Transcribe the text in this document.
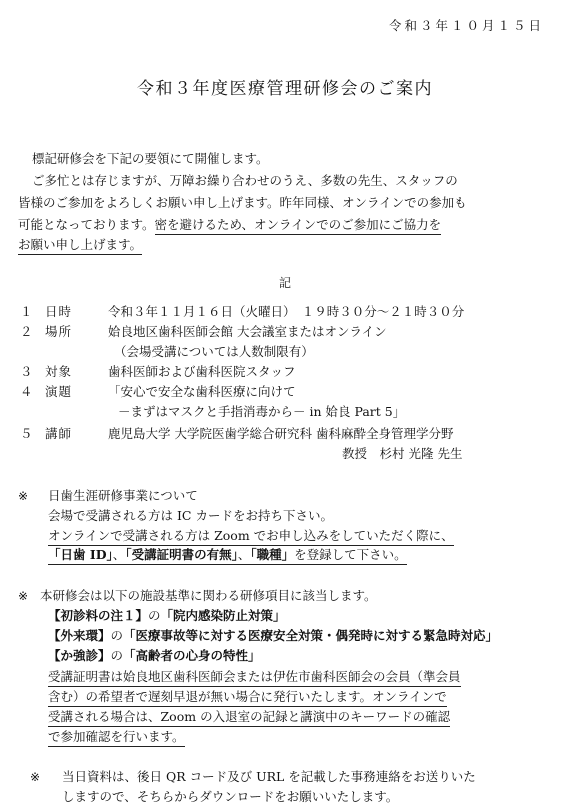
令和３年１０月１５日
令和３年度医療管理研修会のご案内
標記研修会を下記の要領にて開催します。
ご多忙とは存じますが、万障お繰り合わせのうえ、多数の先生、スタッフの
皆様のご参加をよろしくお願い申し上げます。昨年同様、オンラインでの参加も
可能となっております。密を避けるため、オンラインでのご参加にご協力を
お願い申し上げます。
記
１ 日時	令和３年１１月１６日（火曜日）　１９時３０分～２１時３０分
２ 場所	姶良地区歯科医師会館 大会議室またはオンライン
（会場受講については人数制限有）
３ 対象	歯科医師および歯科医院スタッフ
４ 演題	「安心で安全な歯科医療に向けて
－まずはマスクと手指消毒から－ in 姶良 Part 5」
５ 講師	鹿児島大学 大学院医歯学総合研究科 歯科麻酔全身管理学分野
教授　杉村 光隆 先生
※ 日歯生涯研修事業について
会場で受講される方は IC カードをお持ち下さい。
オンラインで受講される方は Zoom でお申し込みをしていただく際に、
「日歯 ID」、「受講証明書の有無」、「職種」を登録して下さい。
※ 本研修会は以下の施設基準に関わる研修項目に該当します。
【初診料の注１】の「院内感染防止対策」
【外来環】の「医療事故等に対する医療安全対策・偶発時に対する緊急時対応」
【か強診】の「高齢者の心身の特性」
受講証明書は姶良地区歯科医師会または伊佐市歯科医師会の会員（準会員
含む）の希望者で遅刻早退が無い場合に発行いたします。オンラインで
受講される場合は、Zoom の入退室の記録と講演中のキーワードの確認
で参加確認を行います。
※ 当日資料は、後日 QR コード及び URL を記載した事務連絡をお送りいた
しますので、そちらからダウンロードをお願いいたします。
